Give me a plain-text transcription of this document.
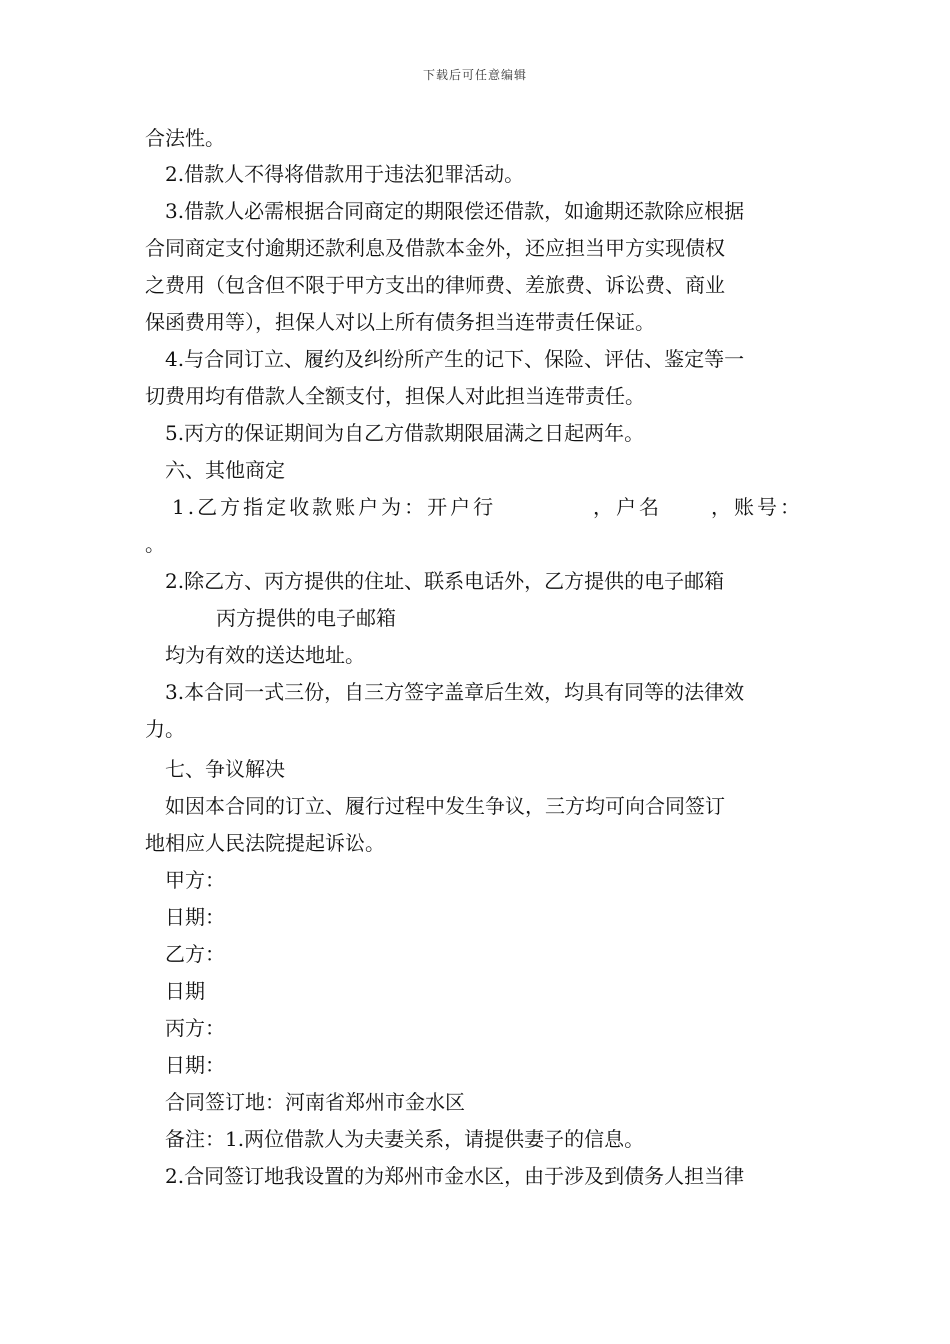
下载后可任意编辑
合法性。
2.借款人不得将借款用于违法犯罪活动。
3.借款人必需根据合同商定的期限偿还借款，如逾期还款除应根据
合同商定支付逾期还款利息及借款本金外，还应担当甲方实现债权
之费用（包含但不限于甲方支出的律师费、差旅费、诉讼费、商业
保函费用等），担保人对以上所有债务担当连带责任保证。
4.与合同订立、履约及纠纷所产生的记下、保险、评估、鉴定等一
切费用均有借款人全额支付，担保人对此担当连带责任。
5.丙方的保证期间为自乙方借款期限届满之日起两年。
六、其他商定
1.乙方指定收款账户为：开户行	，户名 ，账号：
。
2.除乙方、丙方提供的住址、联系电话外，乙方提供的电子邮箱
丙方提供的电子邮箱
均为有效的送达地址。
3.本合同一式三份，自三方签字盖章后生效，均具有同等的法律效
力。
七、争议解决
如因本合同的订立、履行过程中发生争议，三方均可向合同签订
地相应人民法院提起诉讼。
甲方：
日期：
乙方：
日期
丙方：
日期：
合同签订地：河南省郑州市金水区
备注：1.两位借款人为夫妻关系，请提供妻子的信息。
2.合同签订地我设置的为郑州市金水区，由于涉及到债务人担当律
